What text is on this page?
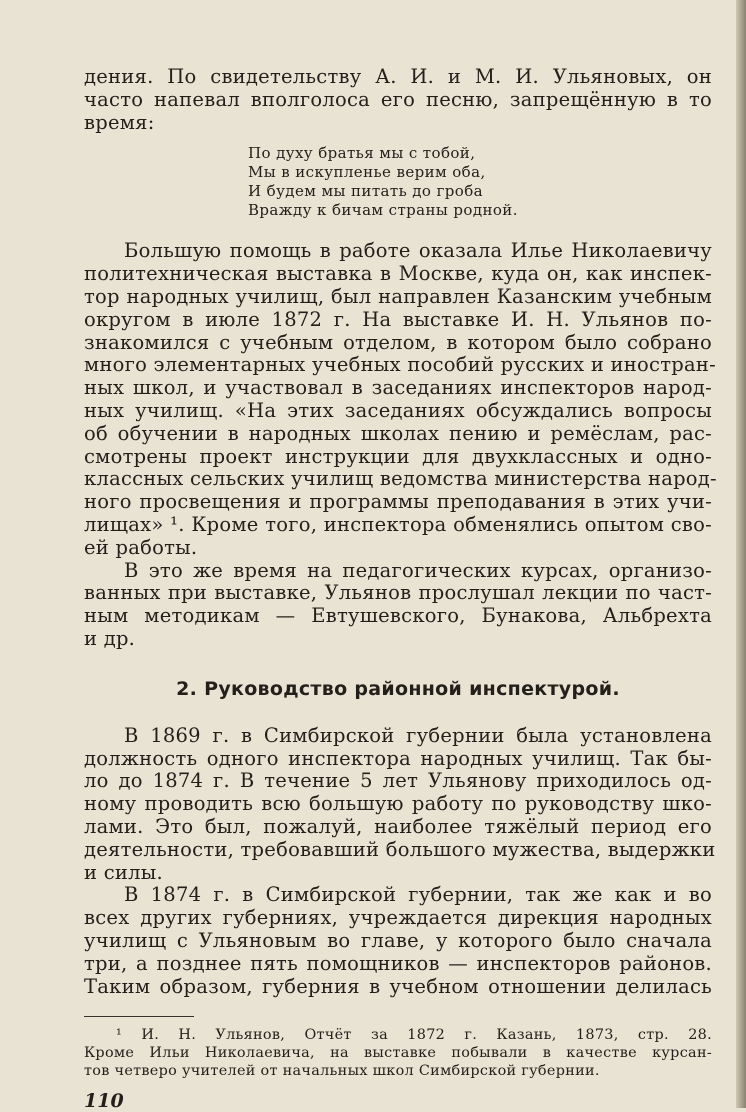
дения. По свидетельству А. И. и М. И. Ульяновых, он
часто напевал вполголоса его песню, запрещённую в то
время:
По духу братья мы с тобой,
Мы в искупленье верим оба,
И будем мы питать до гроба
Вражду к бичам страны родной.
Большую помощь в работе оказала Илье Николаевичу
политехническая выставка в Москве, куда он, как инспек-
тор народных училищ, был направлен Казанским учебным
округом в июле 1872 г. На выставке И. Н. Ульянов по-
знакомился с учебным отделом, в котором было собрано
много элементарных учебных пособий русских и иностран-
ных школ, и участвовал в заседаниях инспекторов народ-
ных училищ. «На этих заседаниях обсуждались вопросы
об обучении в народных школах пению и ремёслам, рас-
смотрены проект инструкции для двухклассных и одно-
классных сельских училищ ведомства министерства народ-
ного просвещения и программы преподавания в этих учи-
лищах» ¹. Кроме того, инспектора обменялись опытом сво-
ей работы.
В это же время на педагогических курсах, организо-
ванных при выставке, Ульянов прослушал лекции по част-
ным методикам — Евтушевского, Бунакова, Альбрехта
и др.
2. Руководство районной инспектурой.
В 1869 г. в Симбирской губернии была установлена
должность одного инспектора народных училищ. Так бы-
ло до 1874 г. В течение 5 лет Ульянову приходилось од-
ному проводить всю большую работу по руководству шко-
лами. Это был, пожалуй, наиболее тяжёлый период его
деятельности, требовавший большого мужества, выдержки
и силы.
В 1874 г. в Симбирской губернии, так же как и во
всех других губерниях, учреждается дирекция народных
училищ с Ульяновым во главе, у которого было сначала
три, а позднее пять помощников — инспекторов районов.
Таким образом, губерния в учебном отношении делилась
¹ И. Н. Ульянов, Отчёт за 1872 г. Казань, 1873, стр. 28.
Кроме Ильи Николаевича, на выставке побывали в качестве курсан-
тов четверо учителей от начальных школ Симбирской губернии.
110
